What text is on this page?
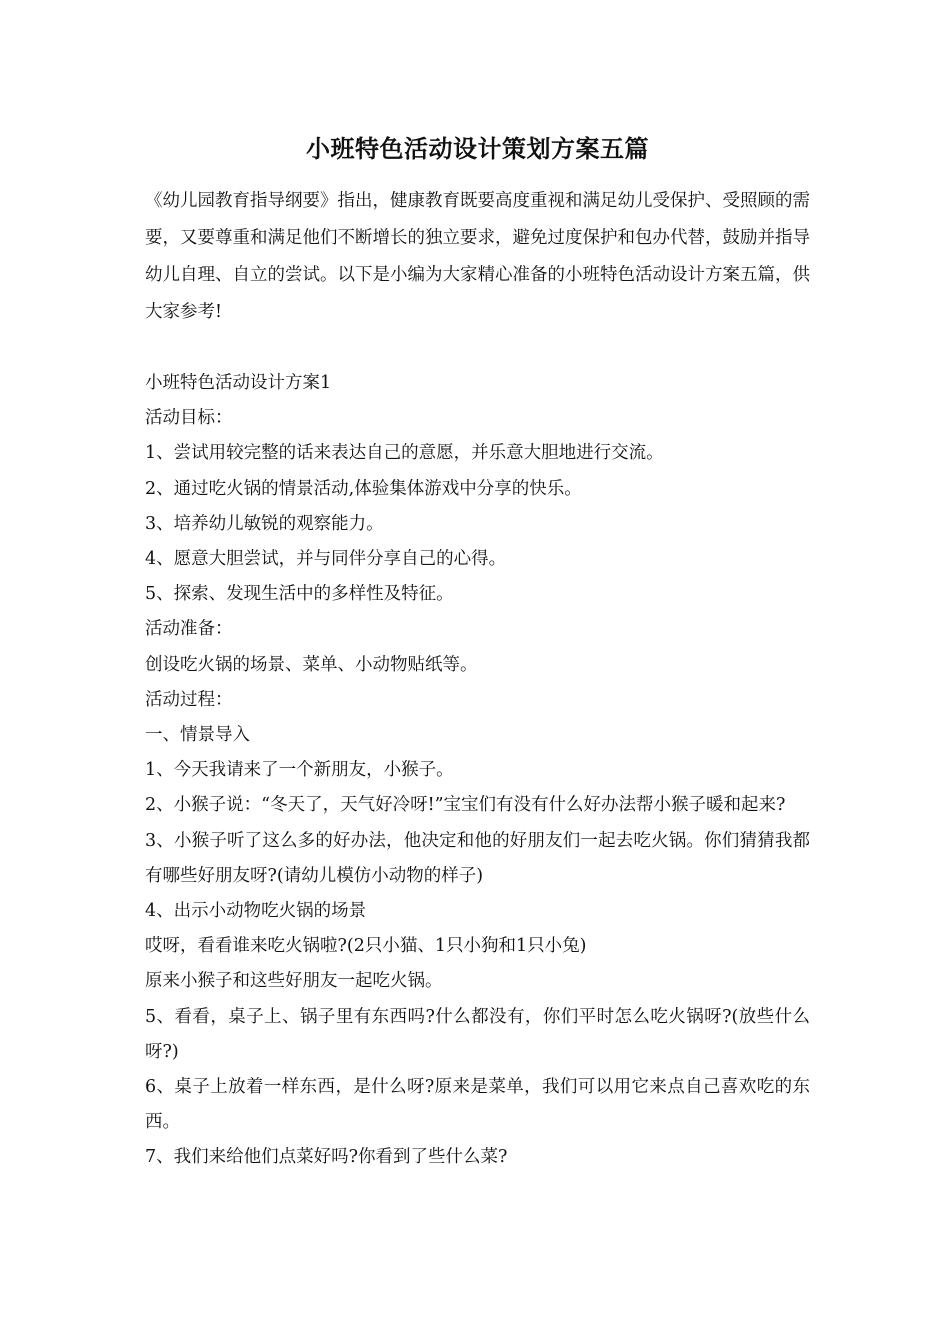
小班特色活动设计策划方案五篇

《幼儿园教育指导纲要》指出，健康教育既要高度重视和满足幼儿受保护、受照顾的需要，又要尊重和满足他们不断增长的独立要求，避免过度保护和包办代替，鼓励并指导幼儿自理、自立的尝试。以下是小编为大家精心准备的小班特色活动设计方案五篇，供大家参考!

小班特色活动设计方案1
活动目标：
1、尝试用较完整的话来表达自己的意愿，并乐意大胆地进行交流。
2、通过吃火锅的情景活动,体验集体游戏中分享的快乐。
3、培养幼儿敏锐的观察能力。
4、愿意大胆尝试，并与同伴分享自己的心得。
5、探索、发现生活中的多样性及特征。
活动准备：
创设吃火锅的场景、菜单、小动物贴纸等。
活动过程：
一、情景导入
1、今天我请来了一个新朋友，小猴子。
2、小猴子说：“冬天了，天气好冷呀!”宝宝们有没有什么好办法帮小猴子暖和起来?
3、小猴子听了这么多的好办法，他决定和他的好朋友们一起去吃火锅。你们猜猜我都有哪些好朋友呀?(请幼儿模仿小动物的样子)
4、出示小动物吃火锅的场景
哎呀，看看谁来吃火锅啦?(2只小猫、1只小狗和1只小兔)
原来小猴子和这些好朋友一起吃火锅。
5、看看，桌子上、锅子里有东西吗?什么都没有，你们平时怎么吃火锅呀?(放些什么呀?)
6、桌子上放着一样东西，是什么呀?原来是菜单，我们可以用它来点自己喜欢吃的东西。
7、我们来给他们点菜好吗?你看到了些什么菜?
